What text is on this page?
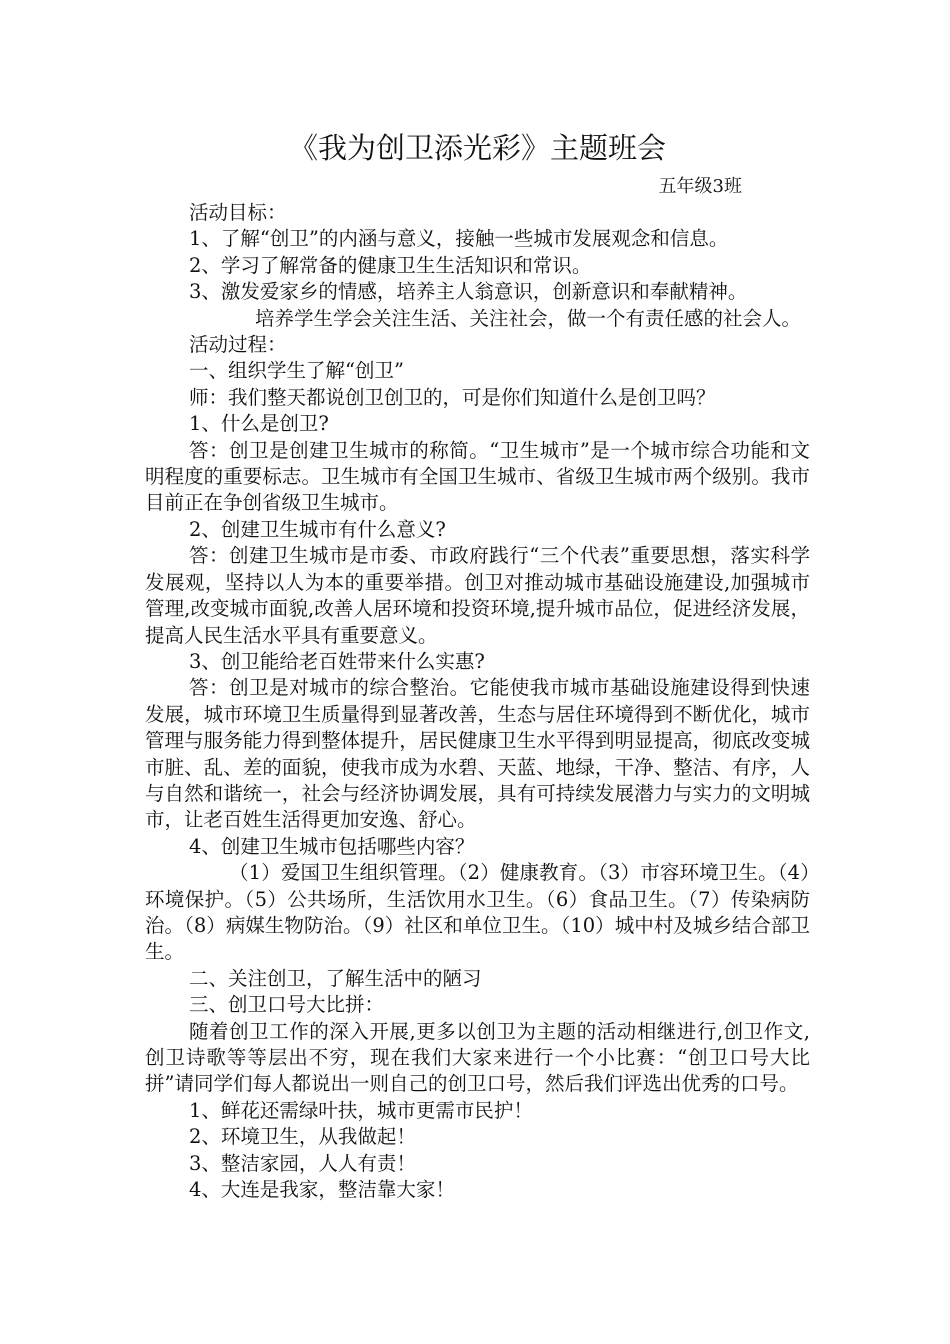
《我为创卫添光彩》主题班会
五年级3班

活动目标：

1、了解“创卫”的内涵与意义，接触一些城市发展观念和信息。

2、学习了解常备的健康卫生生活知识和常识。

3、激发爱家乡的情感，培养主人翁意识，创新意识和奉献精神。

培养学生学会关注生活、关注社会，做一个有责任感的社会人。

活动过程：

一、组织学生了解“创卫”

师：我们整天都说创卫创卫的，可是你们知道什么是创卫吗？

1、什么是创卫?

答：创卫是创建卫生城市的称简。“卫生城市”是一个城市综合功能和文明程度的重要标志。卫生城市有全国卫生城市、省级卫生城市两个级别。我市目前正在争创省级卫生城市。

2、创建卫生城市有什么意义?

答：创建卫生城市是市委、市政府践行“三个代表”重要思想，落实科学发展观，坚持以人为本的重要举措。创卫对推动城市基础设施建设,加强城市管理,改变城市面貌,改善人居环境和投资环境,提升城市品位，促进经济发展，提高人民生活水平具有重要意义。

3、创卫能给老百姓带来什么实惠?

答：创卫是对城市的综合整治。它能使我市城市基础设施建设得到快速发展，城市环境卫生质量得到显著改善，生态与居住环境得到不断优化，城市管理与服务能力得到整体提升，居民健康卫生水平得到明显提高，彻底改变城市脏、乱、差的面貌，使我市成为水碧、天蓝、地绿，干净、整洁、有序，人与自然和谐统一，社会与经济协调发展，具有可持续发展潜力与实力的文明城市，让老百姓生活得更加安逸、舒心。

4、创建卫生城市包括哪些内容？

（1）爱国卫生组织管理。（2）健康教育。（3）市容环境卫生。（4）环境保护。（5）公共场所，生活饮用水卫生。（6）食品卫生。（7）传染病防治。（8）病媒生物防治。（9）社区和单位卫生。（10）城中村及城乡结合部卫生。

二、关注创卫，了解生活中的陋习

三、创卫口号大比拼：

随着创卫工作的深入开展,更多以创卫为主题的活动相继进行,创卫作文,创卫诗歌等等层出不穷，现在我们大家来进行一个小比赛：“创卫口号大比拼”请同学们每人都说出一则自己的创卫口号，然后我们评选出优秀的口号。

1、鲜花还需绿叶扶，城市更需市民护！

2、环境卫生，从我做起！

3、整洁家园，人人有责！

4、大连是我家，整洁靠大家！
